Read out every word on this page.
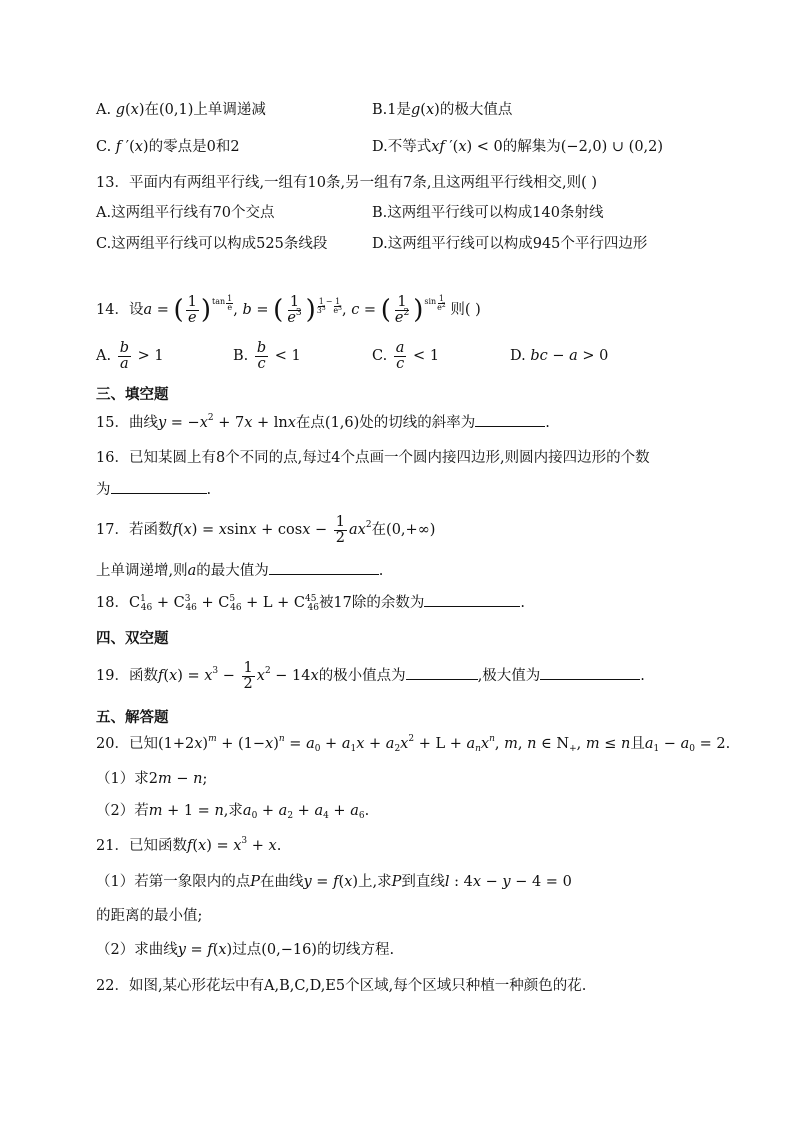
A. g(x)在(0,1)上单调递减	B.1是g(x)的极大值点
C. f ′(x)的零点是0和2	D.不等式xf ′(x) < 0的解集为(−2,0) ∪ (0,2)
13．平面内有两组平行线,一组有10条,另一组有7条,且这两组平行线相交,则( )
A.这两组平行线有70个交点	B.这两组平行线可以构成140条射线
C.这两组平行线可以构成525条线段	D.这两组平行线可以构成945个平行四边形
14．设a = ( $\frac{1}{e}$ ) $\tan \frac{1}{e}$ , b = ( $\frac{1}{e^3}$ ) $\frac{1}{3^3} ^- \frac{1}{e^3}$ , c = ( $\frac{1}{e^2}$ ) $\sin \frac{1}{e^2}$ 则( )
A. $\frac{b}{a} > 1$	B. $\frac{b}{c} < 1$	C. $\frac{a}{c} < 1$	D. bc − a > 0
三、填空题
15．曲线$y = -x^2 + 7x + \ln x$在点(1,6)处的切线的斜率为	.
16．已知某圆上有8个不同的点,每过4个点画一个圆内接四边形,则圆内接四边形的个数
为	.
17．若函数$f(x) = xsinx + \cos x - \frac{1}{2} ax^2$在(0,+∞)
上单调递增,则a的最大值为	.
18．$C^1_{46} + C^3_{46} + C^5_{46} + L + C^{45}_{46}$被17除的余数为	.
四、双空题
19．函数$f(x) = x^3 - \frac{1}{2} x^2 - 14x$的极小值点为	,极大值为	.
五、解答题
20．已知$(1+2x)^m + (1-x)^n = a_0 + a_1x + a_2x^2 + L + a_nx^n$, m, n ∈ $N_+$, m ≤ n且$a_1 - a_0 = 2$.
（1）求2m − n;
（2）若m + 1 = n,求$a_0 + a_2 + a_4 + a_6$.
21．已知函数$f(x) = x^3 + x$.
（1）若第一象限内的点P在曲线y = f(x)上,求P到直线l : 4x − y − 4 = 0
的距离的最小值;
（2）求曲线y = f(x)过点(0,−16)的切线方程.
22．如图,某心形花坛中有A,B,C,D,E5个区域,每个区域只种植一种颜色的花.
